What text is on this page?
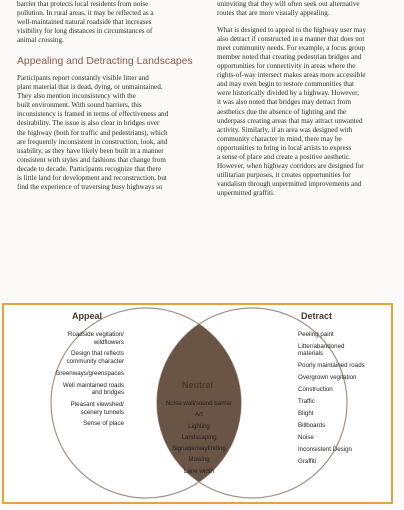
barrier that protects local residents from noise

pollution. In rural areas, it may be reflected as a

well-maintained natural roadside that increases

visibility for long distances in circumstances of

animal crossing.

Appealing and Detracting Landscapes

Participants report constantly visible litter and

plant material that is dead, dying, or unmaintained.

They also mention inconsistency with the

built environment. With sound barriers, this

inconsistency is framed in terms of effectiveness and

desirability. The issue is also clear in bridges over

the highway (both for traffic and pedestrians), which

are frequently inconsistent in construction, look, and

usability, as they have likely been built in a manner

consistent with styles and fashions that change from

decade to decade. Participants recognize that there

is little land for development and reconstruction, but

find the experience of traversing busy highways so

uninviting that they will often seek out alternative

routes that are more visually appealing.

What is designed to appeal to the highway user may

also detract if constructed in a manner that does not

meet community needs. For example, a focus group

member noted that creating pedestrian bridges and

opportunities for connectivity in areas where the

rights-of-way intersect makes areas more accessible

and may even begin to restore communities that

were historically divided by a highway. However,

it was also noted that bridges may detract from

aesthetics due the absence of lighting and the

underpass creating areas that may attract unwanted

activity. Similarly, if an area was designed with

community character in mind, there may be

opportunities to bring in local artists to express

a sense of place and create a positive aesthetic.

However, when highway corridors are designed for

utilitarian purposes, it creates opportunities for

vandalism through unpermitted improvements and

unpermitted graffiti.

Appeal	Detract
Neutral
Roadside vegitation/
wildflowers
Design that reflects
community character
Greenways/greenspaces
Well maintained roads
and bridges
Pleasant viewshed/
scenery tunnels
Sense of place
Peeling paint
Litter/abandoned
materials
Poorly maintained roads
Overgrown vegitation
Construction
Traffic
Blight
Billboards
Noise
Inconsistent Design
Graffiti
Noise wall/sound barrier
Art
Lighting
Landscaping
Signage/wayfinding
Mowing
Lane width
